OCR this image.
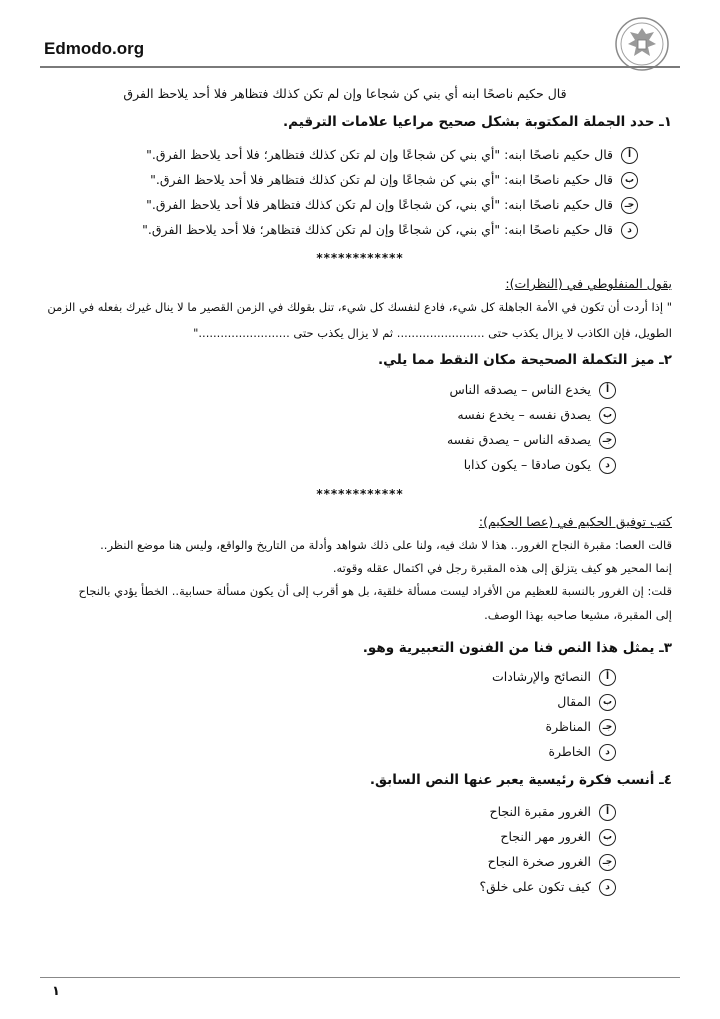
Edmodo.org
قال حكيم ناصحًا ابنه أي بني كن شجاعا وإن لم تكن كذلك فتظاهر فلا أحد يلاحظ الفرق
١ـ حدد الجملة المكتوبة بشكل صحيح مراعيا علامات الترقيم.
أقال حكيم ناصحًا ابنه: "أي بني كن شجاعًا وإن لم تكن كذلك فتظاهر؛ فلا أحد يلاحظ الفرق."
بقال حكيم ناصحًا ابنه: "أي بني كن شجاعًا وإن لم تكن كذلك فتظاهر فلا أحد يلاحظ الفرق."
جـقال حكيم ناصحًا ابنه: "أي بني، كن شجاعًا وإن لم تكن كذلك فتظاهر فلا أحد يلاحظ الفرق."
دقال حكيم ناصحًا ابنه: "أي بني، كن شجاعًا وإن لم تكن كذلك فتظاهر؛ فلا أحد يلاحظ الفرق."
************
يقول المنفلوطي في (النظرات):
" إذا أردت أن تكون في الأمة الجاهلة كل شيء، فادع لنفسك كل شيء، تنل بقولك في الزمن القصير ما لا ينال غيرك بفعله في الزمن
الطويل، فإن الكاذب لا يزال يكذب حتى ........................ ثم لا يزال يكذب حتى ........................."
٢ـ ميز التكملة الصحيحة مكان النقط مما يلي.
أيخدع الناس – يصدقه الناس
بيصدق نفسه – يخدع نفسه
جـيصدقه الناس – يصدق نفسه
ديكون صادقا – يكون كذابا
************
كتب توفيق الحكيم في (عصا الحكيم):
قالت العصا: مقبرة النجاح الغرور.. هذا لا شك فيه، ولنا على ذلك شواهد وأدلة من التاريخ والواقع، وليس هنا موضع النظر..
إنما المحير هو كيف يتزلق إلى هذه المقبرة رجل في اكتمال عقله وقوته.
قلت: إن الغرور بالنسبة للعظيم من الأفراد ليست مسألة خلقية، بل هو أقرب إلى أن يكون مسألة حسابية.. الخطأ يؤدي بالنجاح
إلى المقبرة، مشيعا صاحبه بهذا الوصف.
٣ـ يمثل هذا النص فنا من الفنون التعبيرية وهو.
أالنصائح والإرشادات
بالمقال
جـالمناظرة
دالخاطرة
٤ـ أنسب فكرة رئيسية يعبر عنها النص السابق.
أالغرور مقبرة النجاح
بالغرور مهر النجاح
جـالغرور صخرة النجاح
دكيف تكون على خلق؟
١
